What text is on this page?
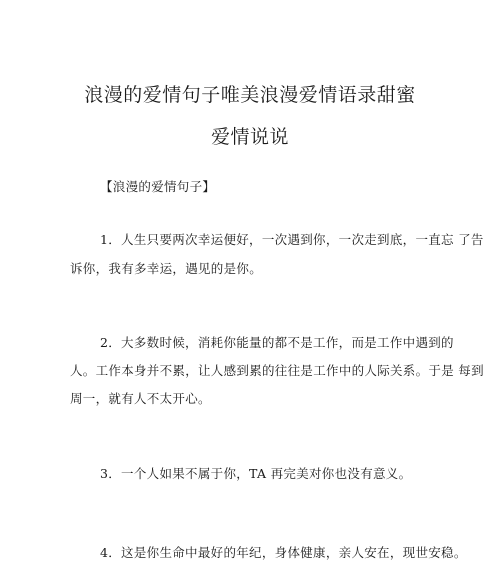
浪漫的爱情句子唯美浪漫爱情语录甜蜜
爱情说说
【浪漫的爱情句子】
1．人生只要两次幸运便好，一次遇到你，一次走到底，一直忘 了告
诉你，我有多幸运，遇见的是你。
2．大多数时候，消耗你能量的都不是工作，而是工作中遇到的
人。工作本身并不累，让人感到累的往往是工作中的人际关系。于是 每到
周一，就有人不太开心。
3．一个人如果不属于你，TA 再完美对你也没有意义。
4．这是你生命中最好的年纪，身体健康，亲人安在，现世安稳。
